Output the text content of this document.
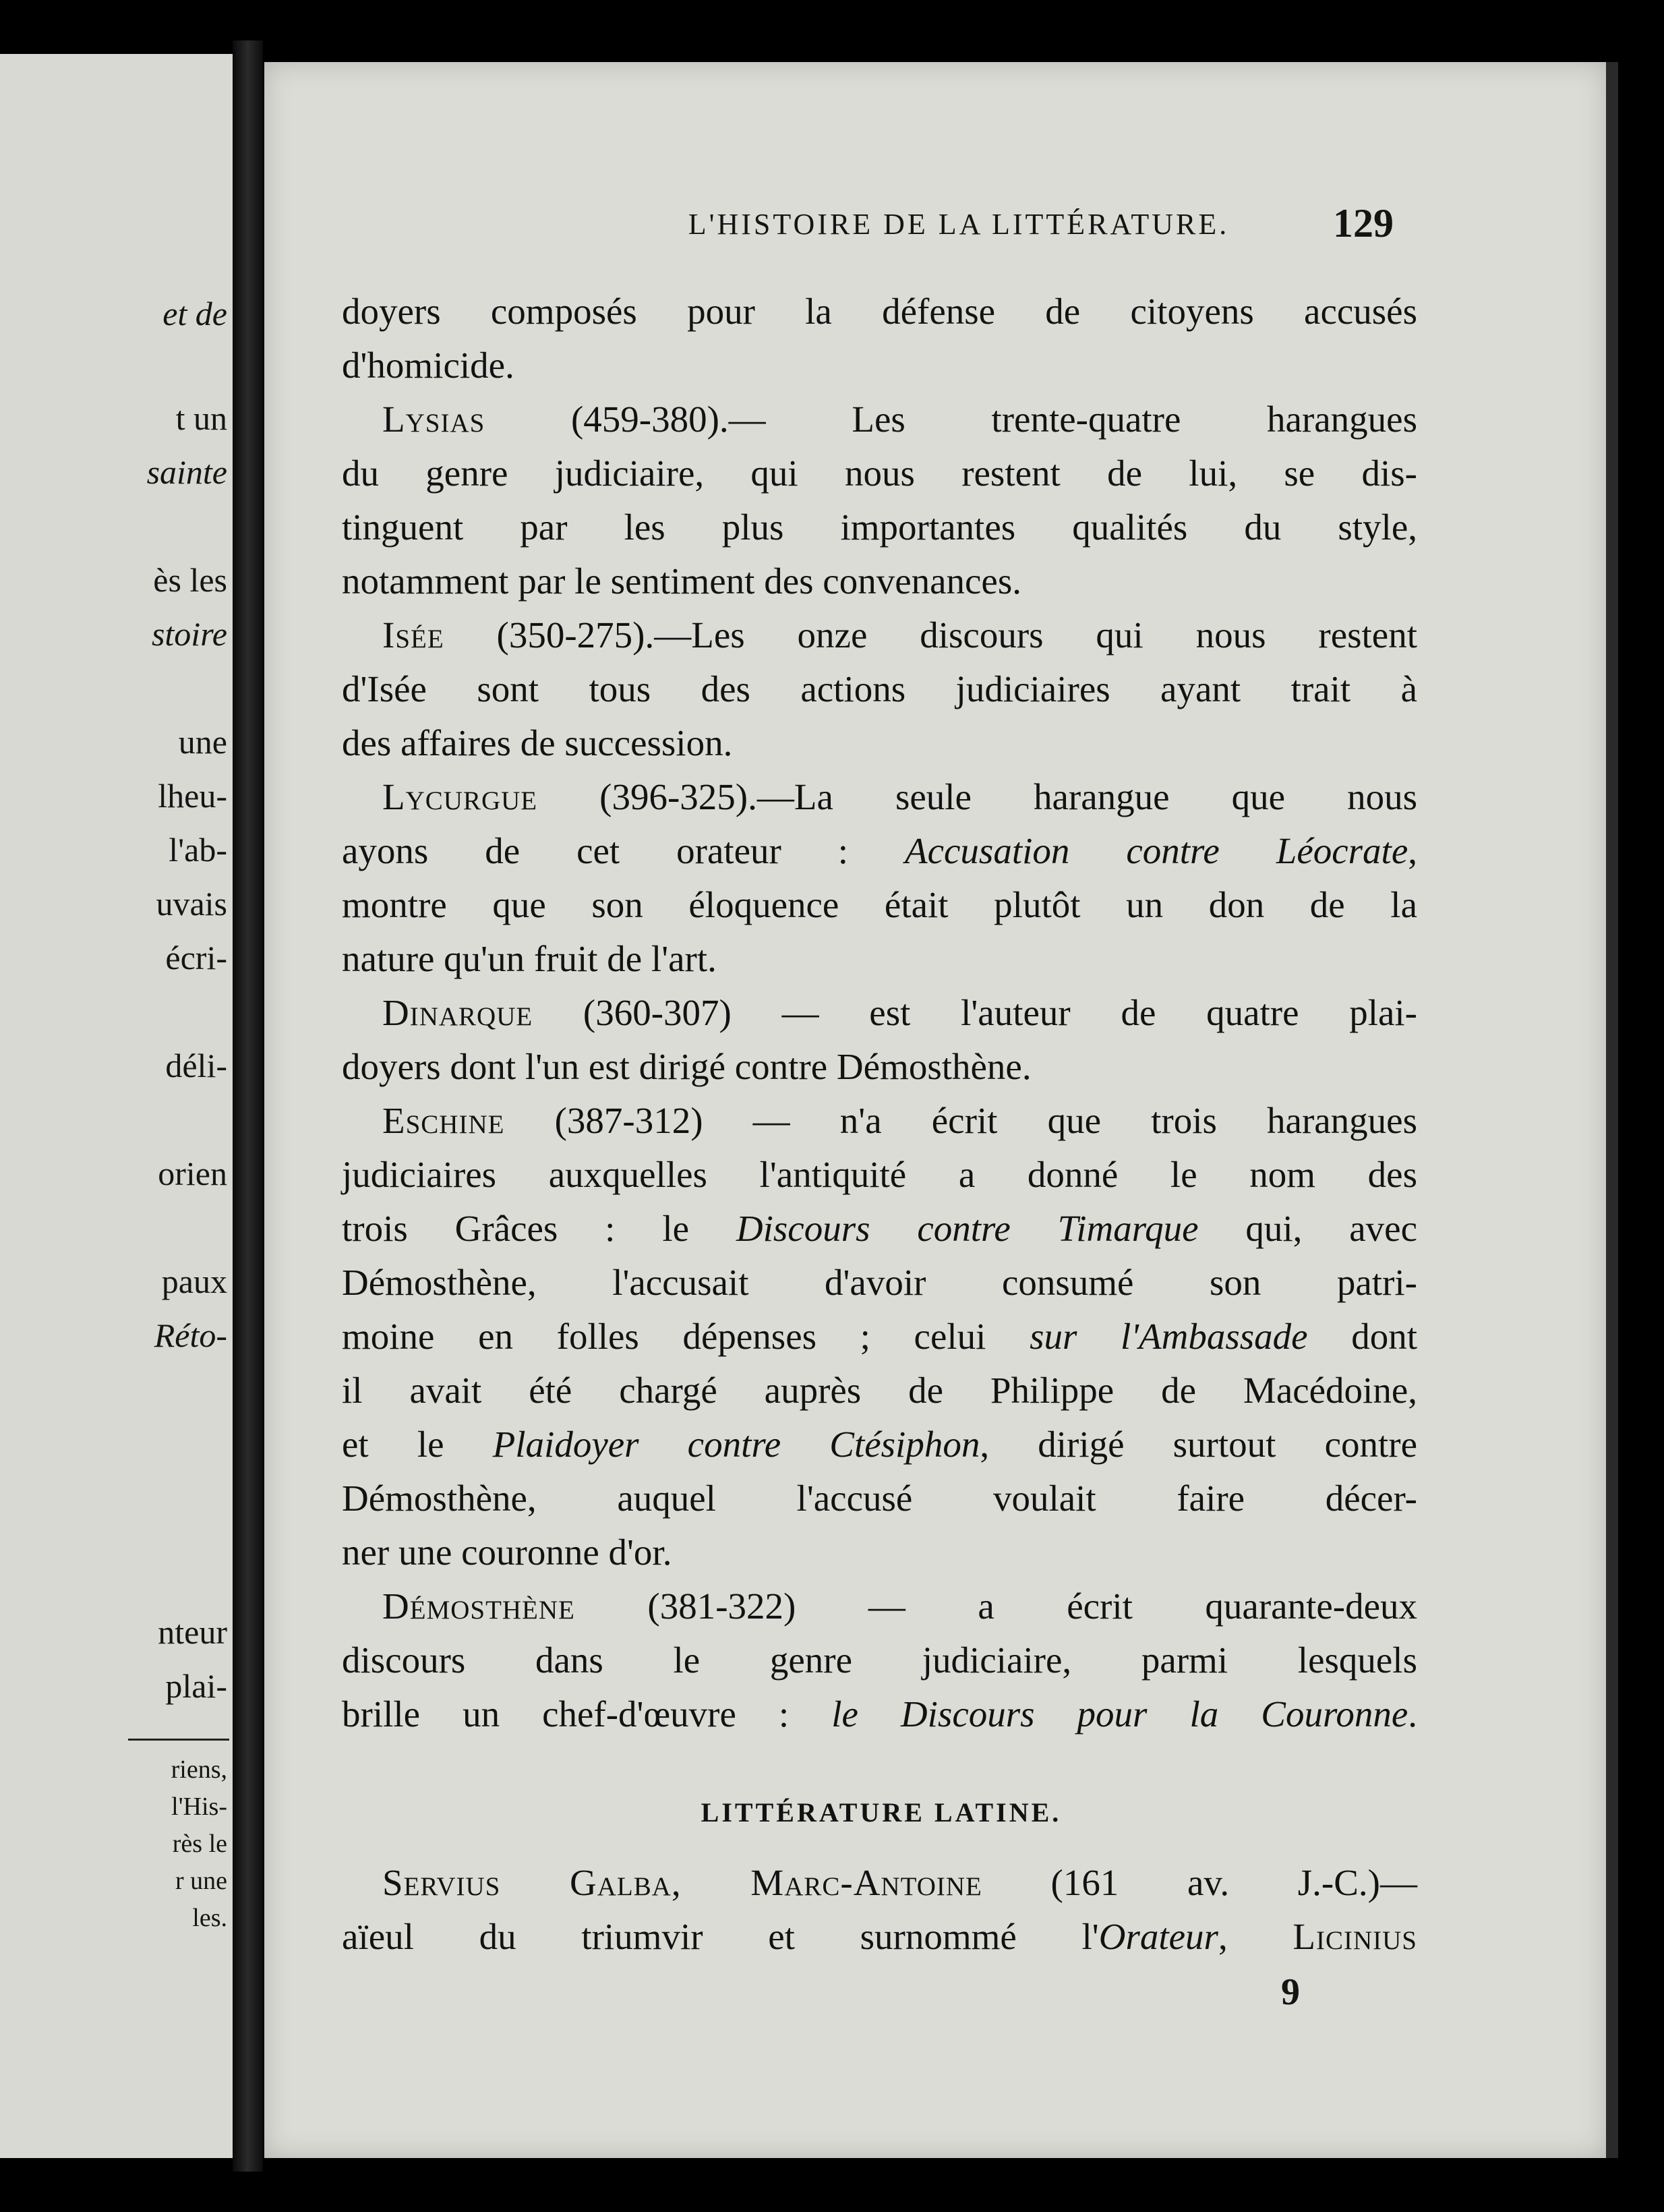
et de
t un
sainte
ès les
stoire
une
lheu-
l'ab-
uvais
écri-
déli-
orien
paux
Réto-
nteur
plai-
riens,
l'His-
rès le
r une
les.
L'HISTOIRE DE LA LITTÉRATURE.	129
doyers composés pour la défense de citoyens accusés
d'homicide.
Lysias (459-380).— Les trente-quatre harangues
du genre judiciaire, qui nous restent de lui, se dis-
tinguent par les plus importantes qualités du style,
notamment par le sentiment des convenances.
Isée (350-275).—Les onze discours qui nous restent
d'Isée sont tous des actions judiciaires ayant trait à
des affaires de succession.
Lycurgue (396-325).—La seule harangue que nous
ayons de cet orateur : Accusation contre Léocrate,
montre que son éloquence était plutôt un don de la
nature qu'un fruit de l'art.
Dinarque (360-307) — est l'auteur de quatre plai-
doyers dont l'un est dirigé contre Démosthène.
Eschine (387-312) — n'a écrit que trois harangues
judiciaires auxquelles l'antiquité a donné le nom des
trois Grâces : le Discours contre Timarque qui, avec
Démosthène, l'accusait d'avoir consumé son patri-
moine en folles dépenses ; celui sur l'Ambassade dont
il avait été chargé auprès de Philippe de Macédoine,
et le Plaidoyer contre Ctésiphon, dirigé surtout contre
Démosthène, auquel l'accusé voulait faire décer-
ner une couronne d'or.
Démosthène (381-322) — a écrit quarante-deux
discours dans le genre judiciaire, parmi lesquels
brille un chef-d'œuvre : le Discours pour la Couronne.
LITTÉRATURE LATINE.
Servius Galba, Marc-Antoine (161 av. J.-C.)—
aïeul du triumvir et surnommé l'Orateur, Licinius
9
